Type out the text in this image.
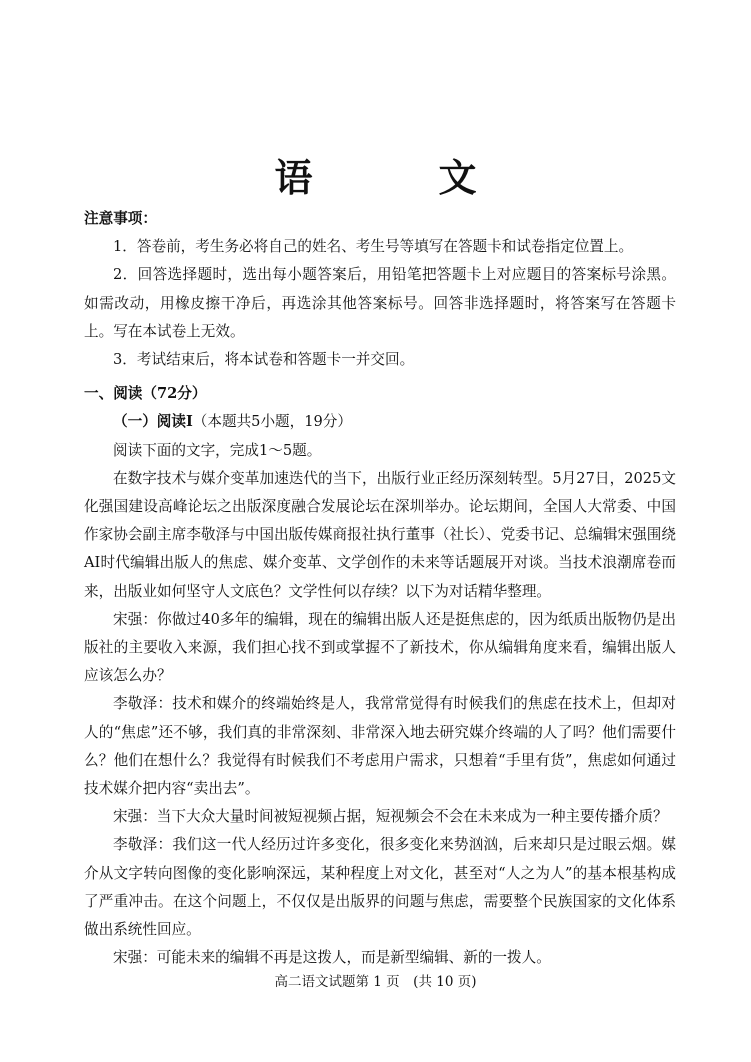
语　文

注意事项：

1．答卷前，考生务必将自己的姓名、考生号等填写在答题卡和试卷指定位置上。

2．回答选择题时，选出每小题答案后，用铅笔把答题卡上对应题目的答案标号涂黑。如需改动，用橡皮擦干净后，再选涂其他答案标号。回答非选择题时，将答案写在答题卡上。写在本试卷上无效。

3．考试结束后，将本试卷和答题卡一并交回。

一、阅读（72分）

（一）阅读Ⅰ（本题共5小题，19分）

阅读下面的文字，完成1～5题。

在数字技术与媒介变革加速迭代的当下，出版行业正经历深刻转型。5月27日，2025文化强国建设高峰论坛之出版深度融合发展论坛在深圳举办。论坛期间，全国人大常委、中国作家协会副主席李敬泽与中国出版传媒商报社执行董事（社长）、党委书记、总编辑宋强围绕AI时代编辑出版人的焦虑、媒介变革、文学创作的未来等话题展开对谈。当技术浪潮席卷而来，出版业如何坚守人文底色？文学性何以存续？以下为对话精华整理。

宋强：你做过40多年的编辑，现在的编辑出版人还是挺焦虑的，因为纸质出版物仍是出版社的主要收入来源，我们担心找不到或掌握不了新技术，你从编辑角度来看，编辑出版人应该怎么办？

李敬泽：技术和媒介的终端始终是人，我常常觉得有时候我们的焦虑在技术上，但却对人的“焦虑”还不够，我们真的非常深刻、非常深入地去研究媒介终端的人了吗？他们需要什么？他们在想什么？我觉得有时候我们不考虑用户需求，只想着“手里有货”，焦虑如何通过技术媒介把内容“卖出去”。

宋强：当下大众大量时间被短视频占据，短视频会不会在未来成为一种主要传播介质？

李敬泽：我们这一代人经历过许多变化，很多变化来势汹汹，后来却只是过眼云烟。媒介从文字转向图像的变化影响深远，某种程度上对文化，甚至对“人之为人”的基本根基构成了严重冲击。在这个问题上，不仅仅是出版界的问题与焦虑，需要整个民族国家的文化体系做出系统性回应。

宋强：可能未来的编辑不再是这拨人，而是新型编辑、新的一拨人。

高二语文试题第 1 页　(共 10 页)
